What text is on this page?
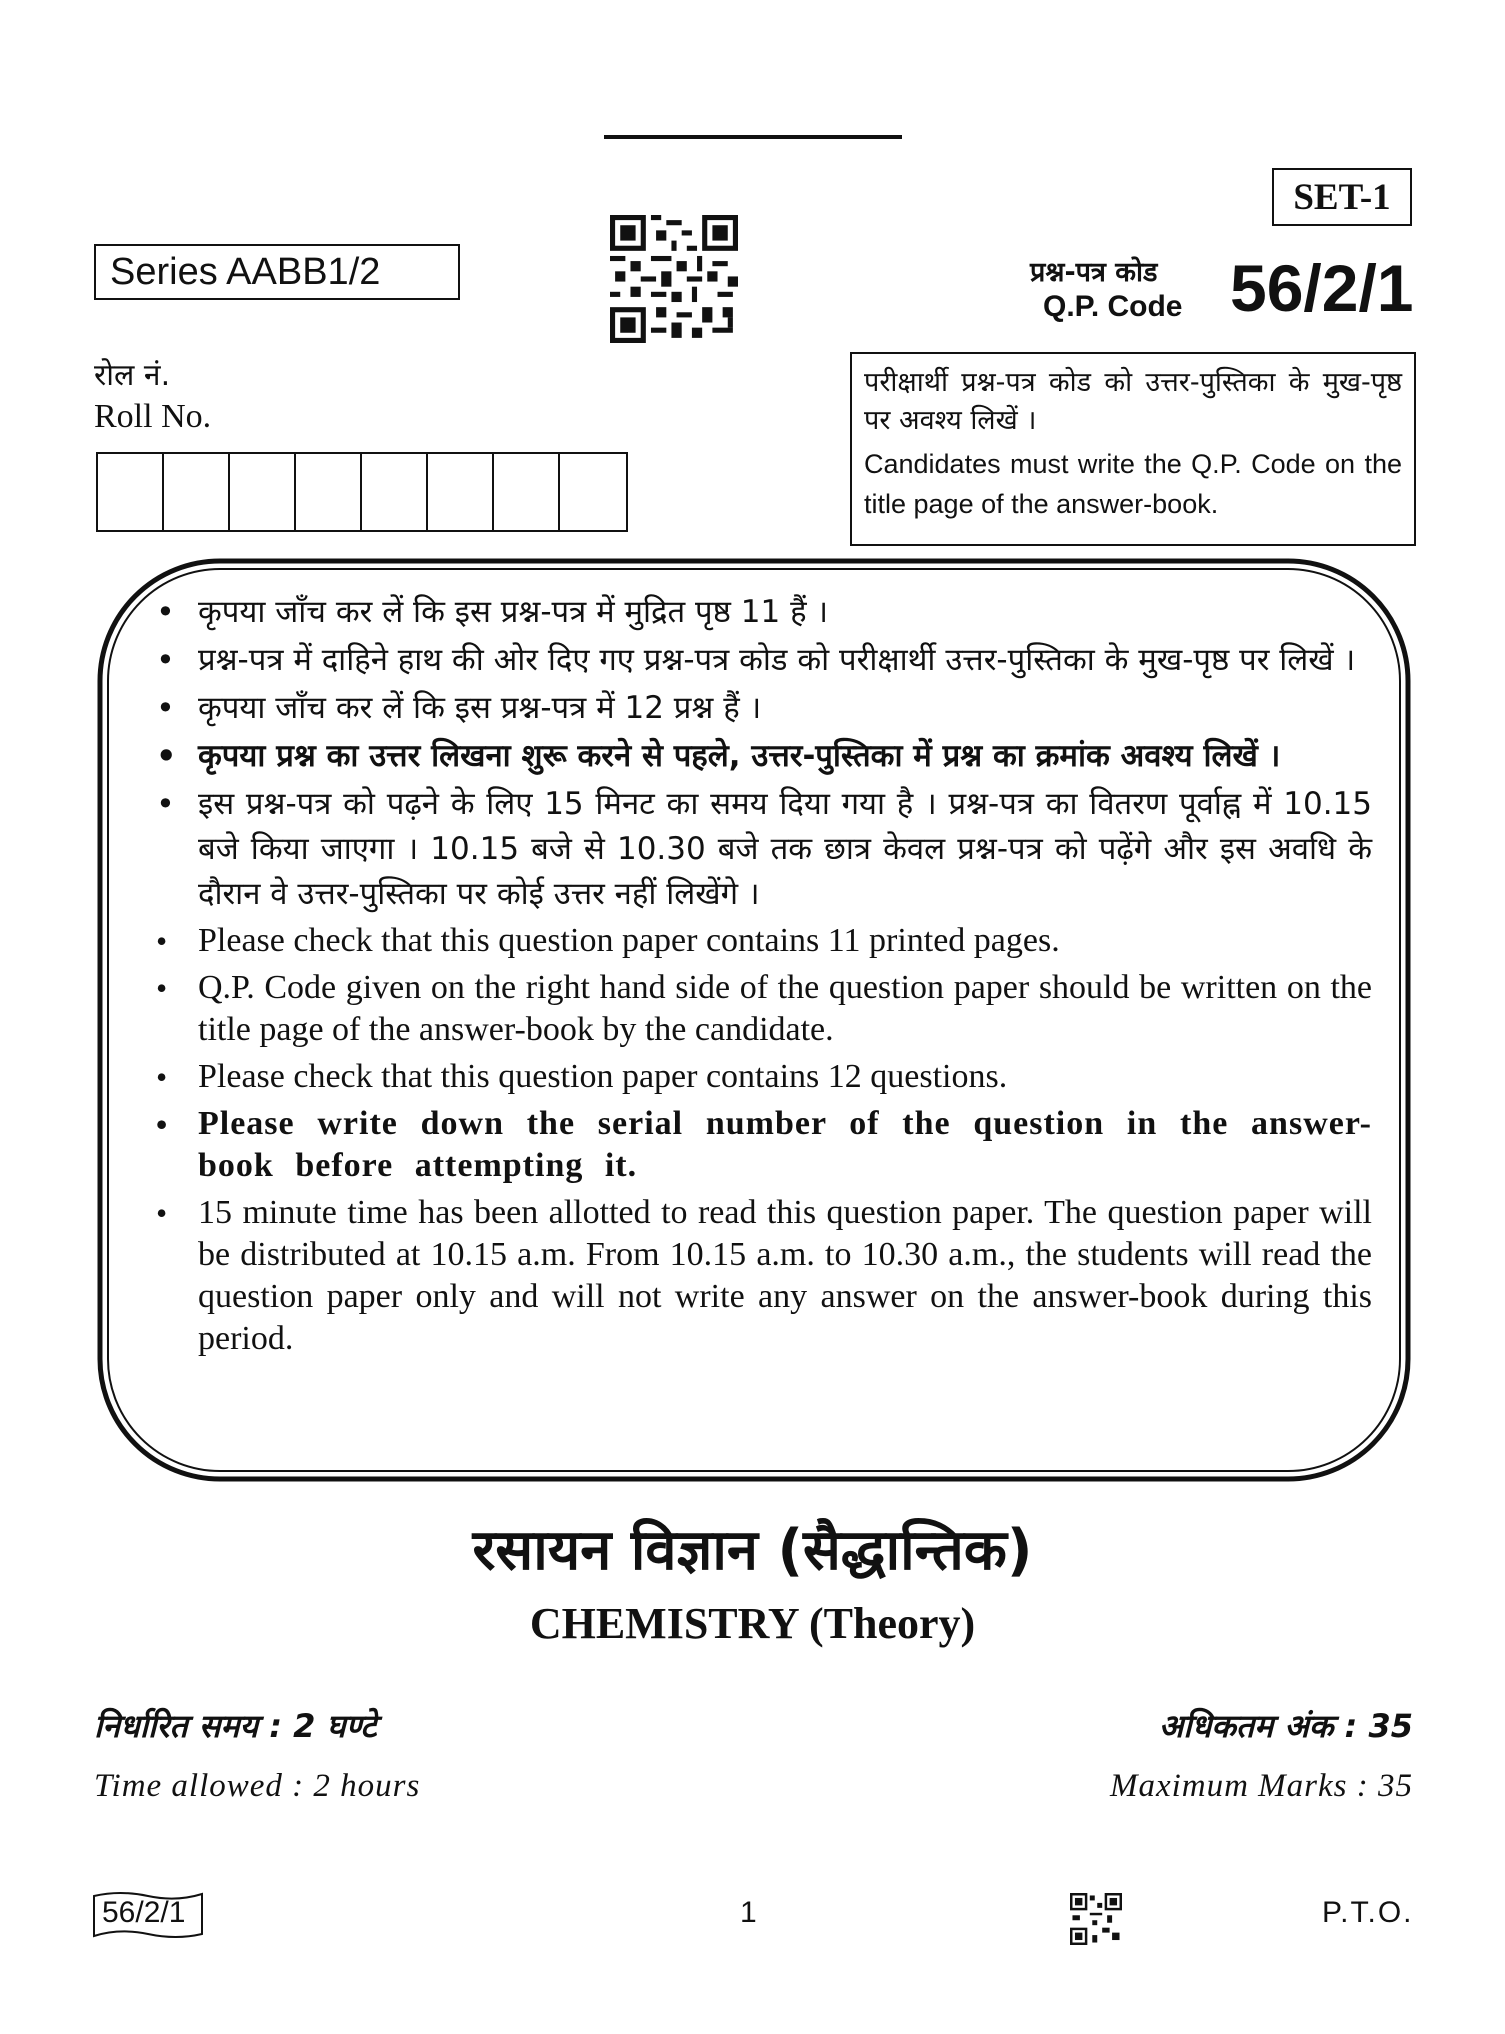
SET-1
Series AABB1/2	प्रश्न-पत्र कोड
Q.P. Code 56/2/1
रोल नं.
Roll No.
परीक्षार्थी प्रश्न-पत्र कोड को उत्तर-पुस्तिका के मुख-पृष्ठ पर अवश्य लिखें ।
Candidates must write the Q.P. Code on the title page of the answer-book.
• कृपया जाँच कर लें कि इस प्रश्न-पत्र में मुद्रित पृष्ठ 11 हैं ।
• प्रश्न-पत्र में दाहिने हाथ की ओर दिए गए प्रश्न-पत्र कोड को परीक्षार्थी उत्तर-पुस्तिका के मुख-पृष्ठ पर लिखें ।
• कृपया जाँच कर लें कि इस प्रश्न-पत्र में 12 प्रश्न हैं ।
• कृपया प्रश्न का उत्तर लिखना शुरू करने से पहले, उत्तर-पुस्तिका में प्रश्न का क्रमांक अवश्य लिखें ।
• इस प्रश्न-पत्र को पढ़ने के लिए 15 मिनट का समय दिया गया है । प्रश्न-पत्र का वितरण पूर्वाह्न में 10.15 बजे किया जाएगा । 10.15 बजे से 10.30 बजे तक छात्र केवल प्रश्न-पत्र को पढ़ेंगे और इस अवधि के दौरान वे उत्तर-पुस्तिका पर कोई उत्तर नहीं लिखेंगे ।
• Please check that this question paper contains 11 printed pages.
• Q.P. Code given on the right hand side of the question paper should be written on the title page of the answer-book by the candidate.
• Please check that this question paper contains 12 questions.
• Please write down the serial number of the question in the answer-book before attempting it.
• 15 minute time has been allotted to read this question paper. The question paper will be distributed at 10.15 a.m. From 10.15 a.m. to 10.30 a.m., the students will read the question paper only and will not write any answer on the answer-book during this period.
रसायन विज्ञान (सैद्धान्तिक)
CHEMISTRY (Theory)
निर्धारित समय : 2 घण्टे
Time allowed : 2 hours
अधिकतम अंक : 35
Maximum Marks : 35
56/2/1	1	P.T.O.
